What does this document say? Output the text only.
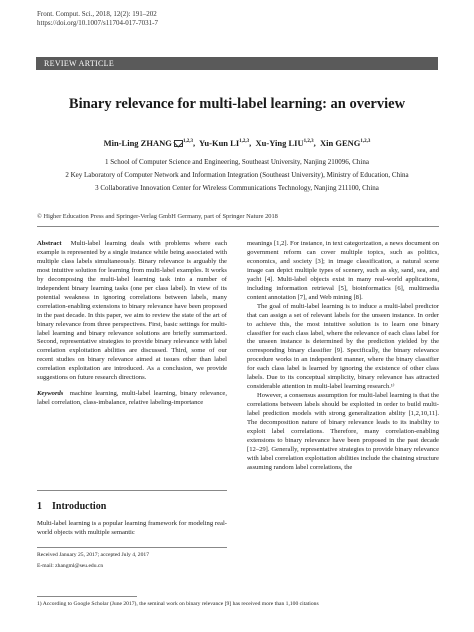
Front. Comput. Sci., 2018, 12(2): 191–202
https://doi.org/10.1007/s11704-017-7031-7
REVIEW ARTICLE
Binary relevance for multi-label learning: an overview
Min-Ling ZHANG $^{1,2,3}$,  Yu-Kun LI$^{1,2,3}$,  Xu-Ying LIU$^{1,2,3}$,  Xin GENG$^{1,2,3}$
1 School of Computer Science and Engineering, Southeast University, Nanjing 210096, China
2 Key Laboratory of Computer Network and Information Integration (Southeast University), Ministry of Education, China
3 Collaborative Innovation Center for Wireless Communications Technology, Nanjing 211100, China
© Higher Education Press and Springer-Verlag GmbH Germany, part of Springer Nature 2018

Abstract Multi-label learning deals with problems where each example is represented by a single instance while being associated with multiple class labels simultaneously. Binary relevance is arguably the most intuitive solution for learning from multi-label examples. It works by decomposing the multi-label learning task into a number of independent binary learning tasks (one per class label). In view of its potential weakness in ignoring correlations between labels, many correlation-enabling extensions to binary relevance have been proposed in the past decade. In this paper, we aim to review the state of the art of binary relevance from three perspectives. First, basic settings for multi-label learning and binary relevance solutions are briefly summarized. Second, representative strategies to provide binary relevance with label correlation exploitation abilities are discussed. Third, some of our recent studies on binary relevance aimed at issues other than label correlation exploitation are introduced. As a conclusion, we provide suggestions on future research directions.

Keywords machine learning, multi-label learning, binary relevance, label correlation, class-imbalance, relative labeling-importance

1 Introduction
Multi-label learning is a popular learning framework for modeling real-world objects with multiple semantic
Received January 25, 2017; accepted July 4, 2017
E-mail: zhangml@seu.edu.cn
1) According to Google Scholar (June 2017), the seminal work on binary relevance [9] has received more than 1,100 citations

meanings [1,2]. For instance, in text categorization, a news document on government reform can cover multiple topics, such as politics, economics, and society [3]; in image classification, a natural scene image can depict multiple types of scenery, such as sky, sand, sea, and yacht [4]. Multi-label objects exist in many real-world applications, including information retrieval [5], bioinformatics [6], multimedia content annotation [7], and Web mining [8].

The goal of multi-label learning is to induce a multi-label predictor that can assign a set of relevant labels for the unseen instance. In order to achieve this, the most intuitive solution is to learn one binary classifier for each class label, where the relevance of each class label for the unseen instance is determined by the prediction yielded by the corresponding binary classifier [9]. Specifically, the binary relevance procedure works in an independent manner, where the binary classifier for each class label is learned by ignoring the existence of other class labels. Due to its conceptual simplicity, binary relevance has attracted considerable attention in multi-label learning research.¹⁾

However, a consensus assumption for multi-label learning is that the correlations between labels should be exploited in order to build multi-label prediction models with strong generalization ability [1,2,10,11]. The decomposition nature of binary relevance leads to its inability to exploit label correlations. Therefore, many correlation-enabling extensions to binary relevance have been proposed in the past decade [12–29]. Generally, representative strategies to provide binary relevance with label correlation exploitation abilities include the chaining structure assuming random label correlations, the
